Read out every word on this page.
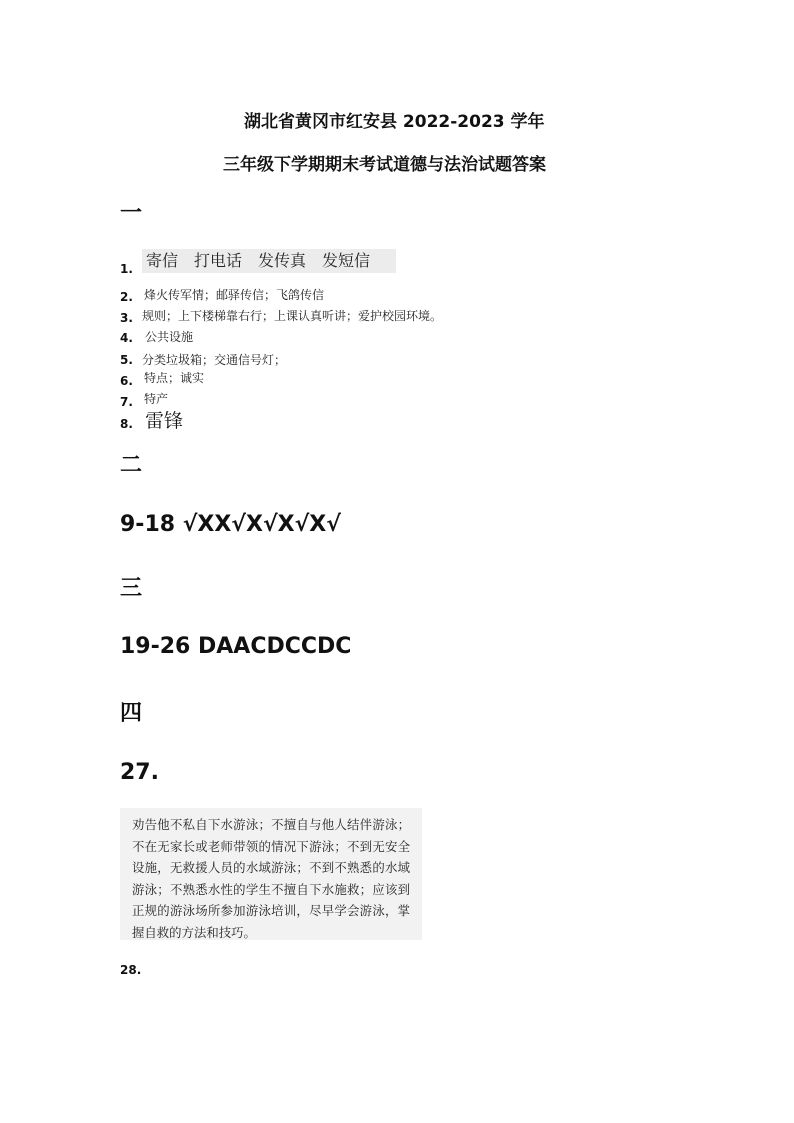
湖北省黄冈市红安县 2022-2023 学年
三年级下学期期末考试道德与法治试题答案
一
1. 寄信　打电话　发传真　发短信
2. 烽火传军情；邮驿传信；飞鸽传信
3. 规则；上下楼梯靠右行；上课认真听讲；爱护校园环境。
4. 公共设施
5. 分类垃圾箱；交通信号灯；
6. 特点；诚实
7. 特产
8. 雷锋
二
9-18 √XX√X√X√X√
三
19-26 DAACDCCDC
四
27.

劝告他不私自下水游泳；不擅自与他人结伴游泳；不在无家长或老师带领的情况下游泳；不到无安全设施，无救援人员的水域游泳；不到不熟悉的水域游泳；不熟悉水性的学生不擅自下水施救；应该到正规的游泳场所参加游泳培训，尽早学会游泳，掌握自救的方法和技巧。

28.
